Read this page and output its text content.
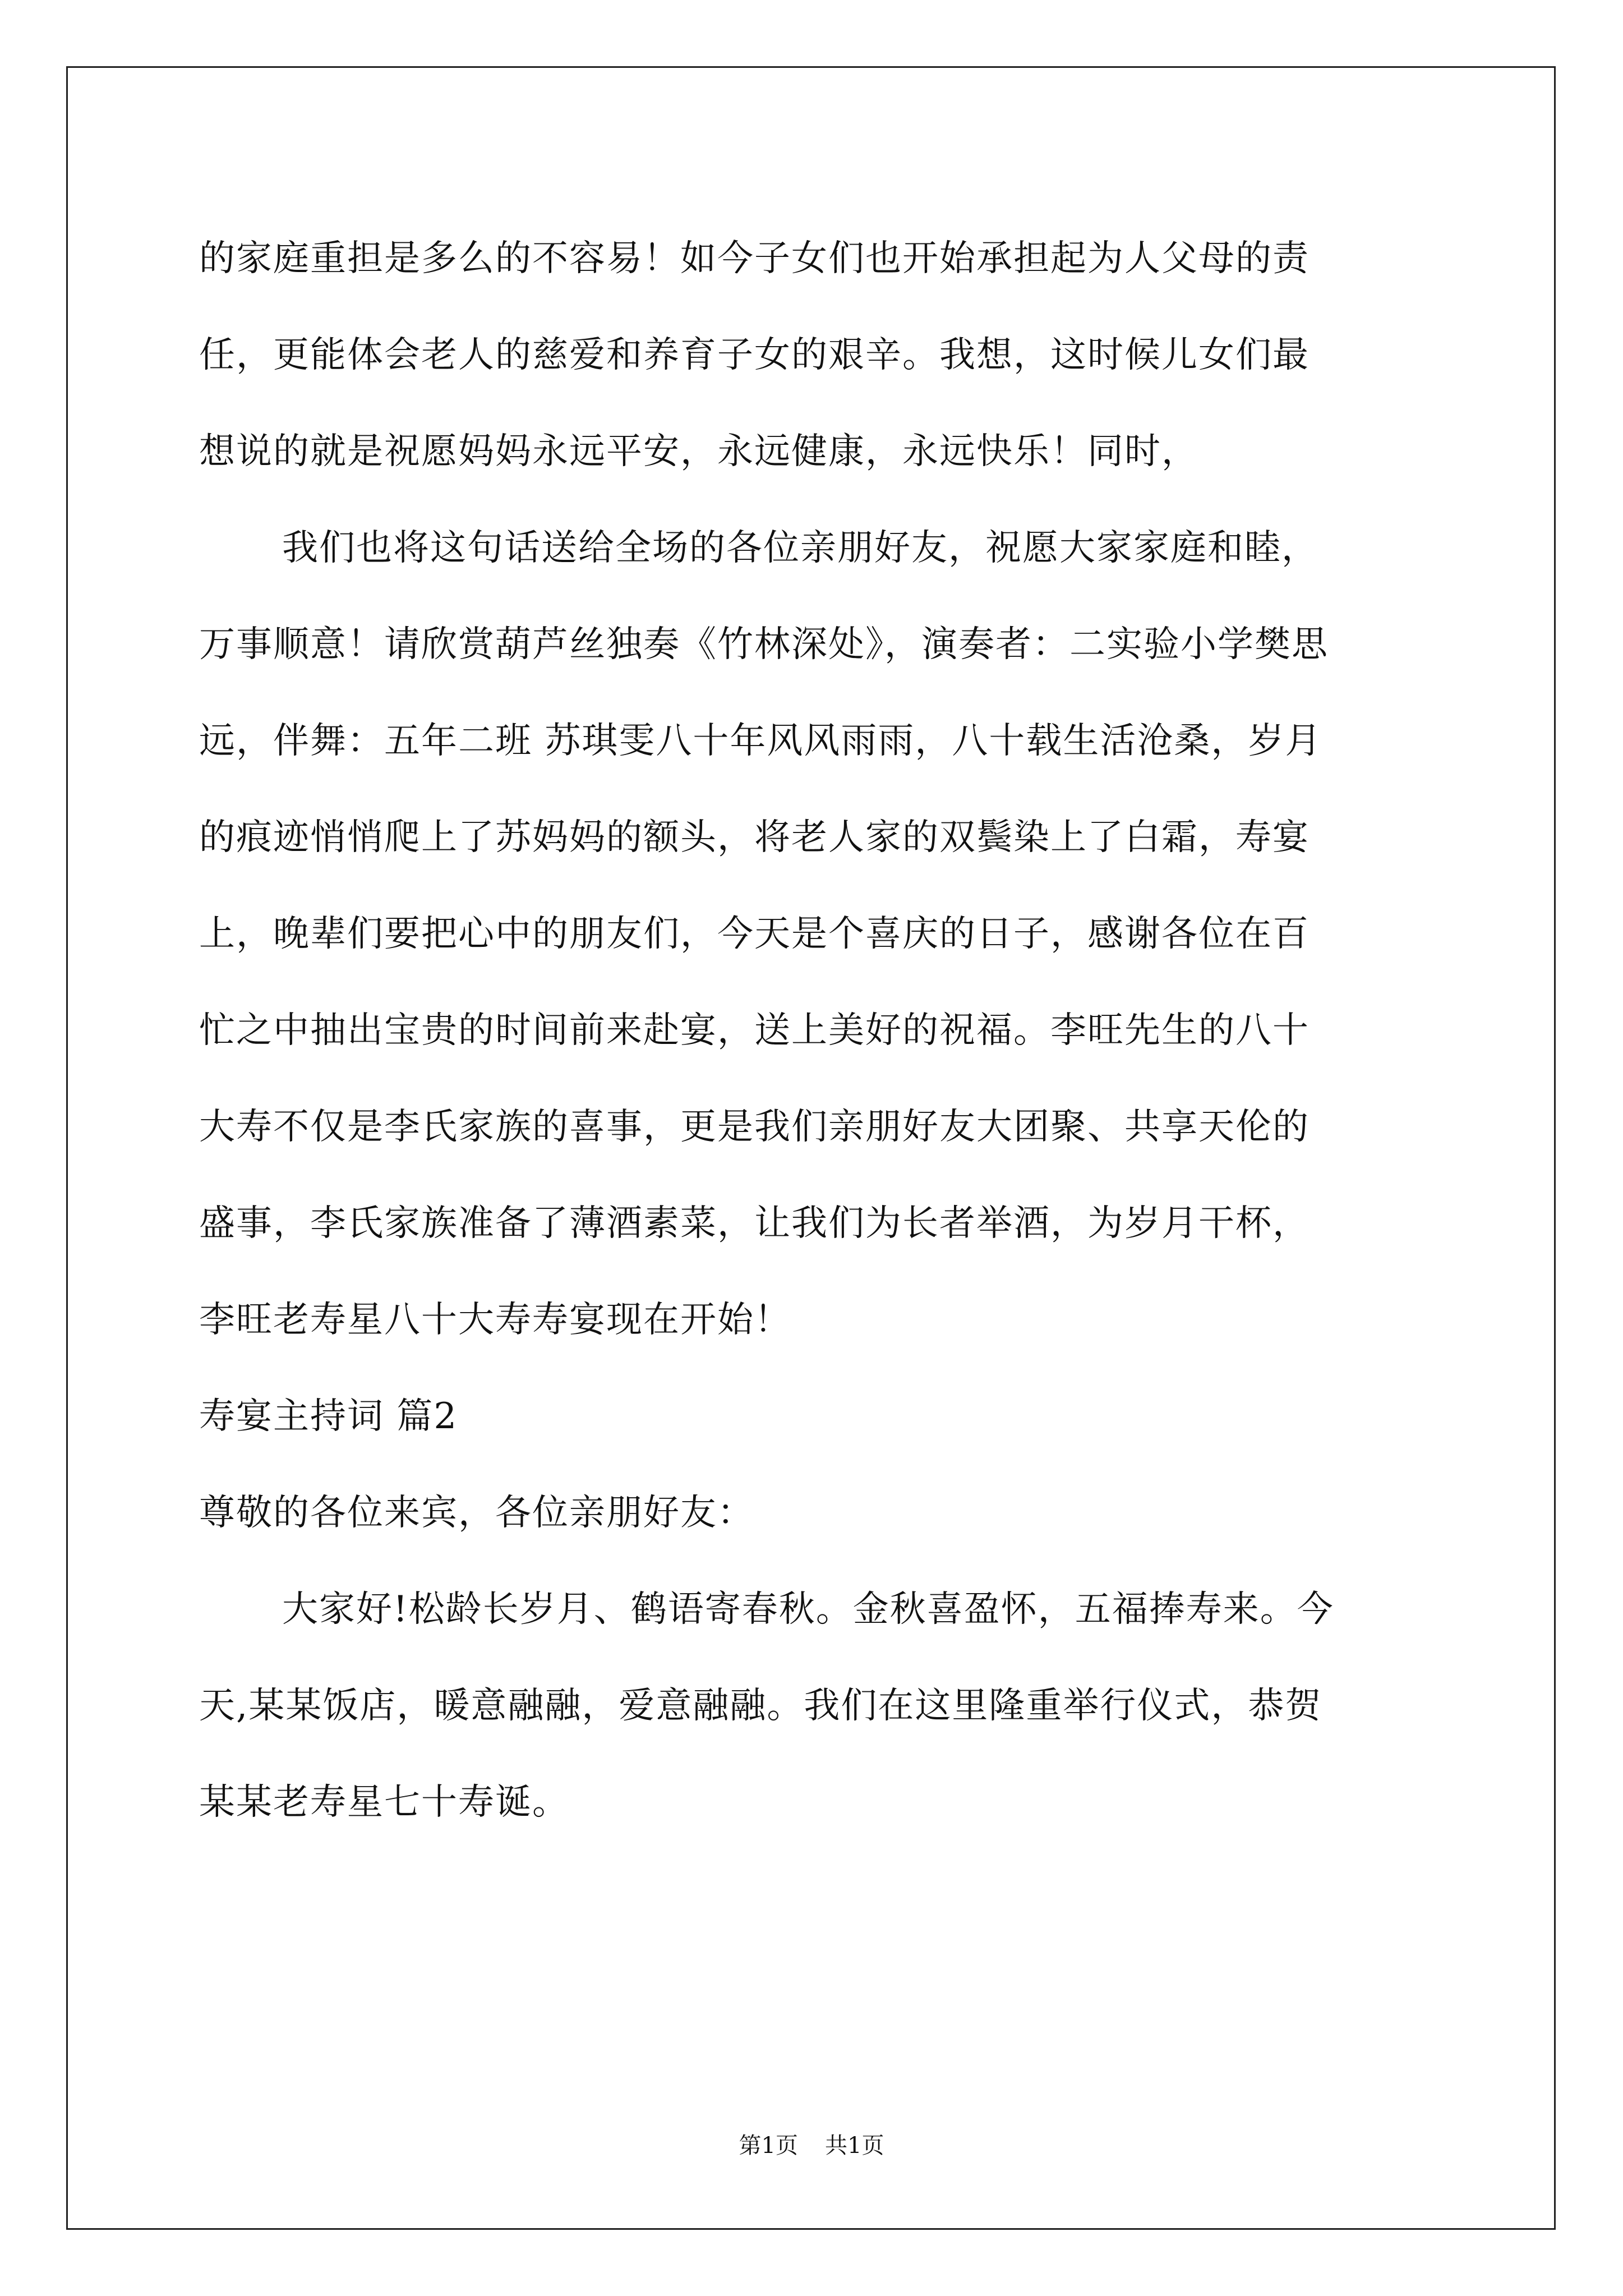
的家庭重担是多么的不容易！如今子女们也开始承担起为人父母的责
任，更能体会老人的慈爱和养育子女的艰辛。我想，这时候儿女们最
想说的就是祝愿妈妈永远平安，永远健康，永远快乐！同时，
我们也将这句话送给全场的各位亲朋好友，祝愿大家家庭和睦，
万事顺意！请欣赏葫芦丝独奏《竹林深处》，演奏者：二实验小学樊思
远，伴舞：五年二班 苏琪雯八十年风风雨雨，八十载生活沧桑，岁月
的痕迹悄悄爬上了苏妈妈的额头，将老人家的双鬓染上了白霜，寿宴
上，晚辈们要把心中的朋友们，今天是个喜庆的日子，感谢各位在百
忙之中抽出宝贵的时间前来赴宴，送上美好的祝福。李旺先生的八十
大寿不仅是李氏家族的喜事，更是我们亲朋好友大团聚、共享天伦的
盛事，李氏家族准备了薄酒素菜，让我们为长者举酒，为岁月干杯，
李旺老寿星八十大寿寿宴现在开始！
寿宴主持词 篇2
尊敬的各位来宾，各位亲朋好友：
大家好!松龄长岁月、鹤语寄春秋。金秋喜盈怀，五福捧寿来。今
天,某某饭店，暖意融融，爱意融融。我们在这里隆重举行仪式，恭贺
某某老寿星七十寿诞。
第1页 共1页
